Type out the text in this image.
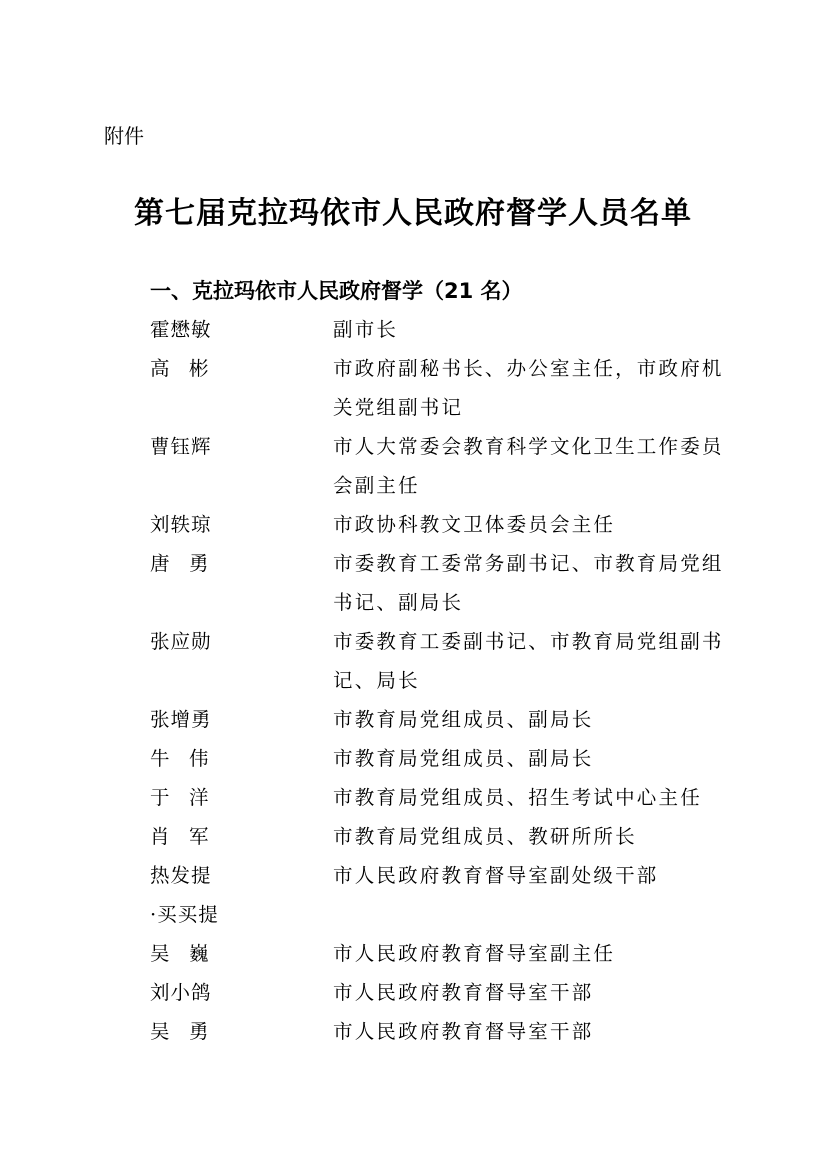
附件
第七届克拉玛依市人民政府督学人员名单
一、克拉玛依市人民政府督学（21 名）
霍懋敏	副市长
高　彬	市政府副秘书长、办公室主任，市政府机关党组副书记
曹钰辉	市人大常委会教育科学文化卫生工作委员会副主任
刘轶琼	市政协科教文卫体委员会主任
唐　勇	市委教育工委常务副书记、市教育局党组书记、副局长
张应勋	市委教育工委副书记、市教育局党组副书记、局长
张增勇	市教育局党组成员、副局长
牛　伟	市教育局党组成员、副局长
于　洋	市教育局党组成员、招生考试中心主任
肖　军	市教育局党组成员、教研所所长
热发提	市人民政府教育督导室副处级干部
·买买提
吴　巍	市人民政府教育督导室副主任
刘小鸽	市人民政府教育督导室干部
吴　勇	市人民政府教育督导室干部
